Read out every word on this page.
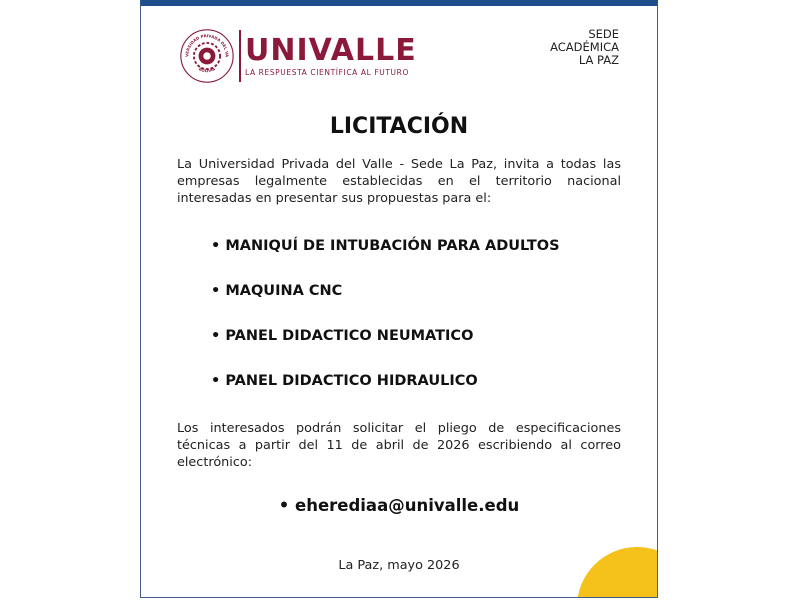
VERSIDAD PRIVADA DEL VA
BOLIVIA
UNIVALLE
LA RESPUESTA CIENTÍFICA AL FUTURO
SEDE
ACADÉMICA
LA PAZ
LICITACIÓN
La Universidad Privada del Valle - Sede La Paz, invita a todas las empresas legalmente establecidas en el territorio nacional interesadas en presentar sus propuestas para el:
• MANIQUÍ DE INTUBACIÓN PARA ADULTOS
• MAQUINA CNC
• PANEL DIDACTICO NEUMATICO
• PANEL DIDACTICO HIDRAULICO
Los interesados podrán solicitar el pliego de especificaciones técnicas a partir del 11 de abril de 2026 escribiendo al correo electrónico:
• eherediaa@univalle.edu
La Paz, mayo 2026
